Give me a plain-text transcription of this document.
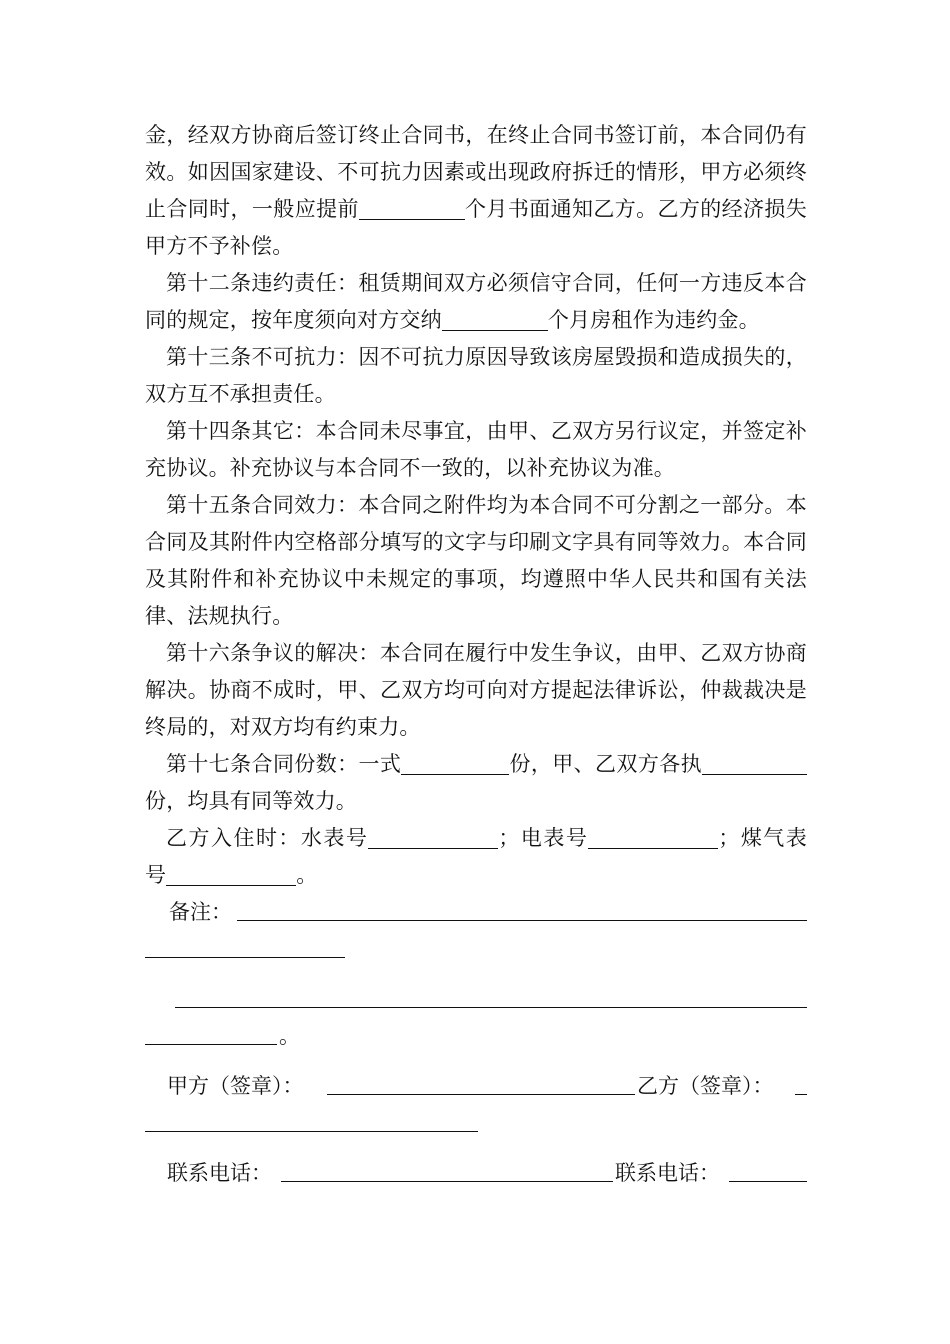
金，经双方协商后签订终止合同书，在终止合同书签订前，本合同仍有效。如因国家建设、不可抗力因素或出现政府拆迁的情形，甲方必须终止合同时，一般应提前	个月书面通知乙方。乙方的经济损失甲方不予补偿。

第十二条违约责任：租赁期间双方必须信守合同，任何一方违反本合同的规定，按年度须向对方交纳	个月房租作为违约金。

第十三条不可抗力：因不可抗力原因导致该房屋毁损和造成损失的，双方互不承担责任。

第十四条其它：本合同未尽事宜，由甲、乙双方另行议定，并签定补充协议。补充协议与本合同不一致的，以补充协议为准。

第十五条合同效力：本合同之附件均为本合同不可分割之一部分。本合同及其附件内空格部分填写的文字与印刷文字具有同等效力。本合同及其附件和补充协议中未规定的事项，均遵照中华人民共和国有关法律、法规执行。

第十六条争议的解决：本合同在履行中发生争议，由甲、乙双方协商解决。协商不成时，甲、乙双方均可向对方提起法律诉讼，仲裁裁决是终局的，对双方均有约束力。

第十七条合同份数：一式	份，甲、乙双方各执份，均具有同等效力。

乙方入住时：水表号	；电表号	；煤气表号	。

备注：
。
甲方（签章）：	乙方（签章）：
联系电话：	联系电话：
